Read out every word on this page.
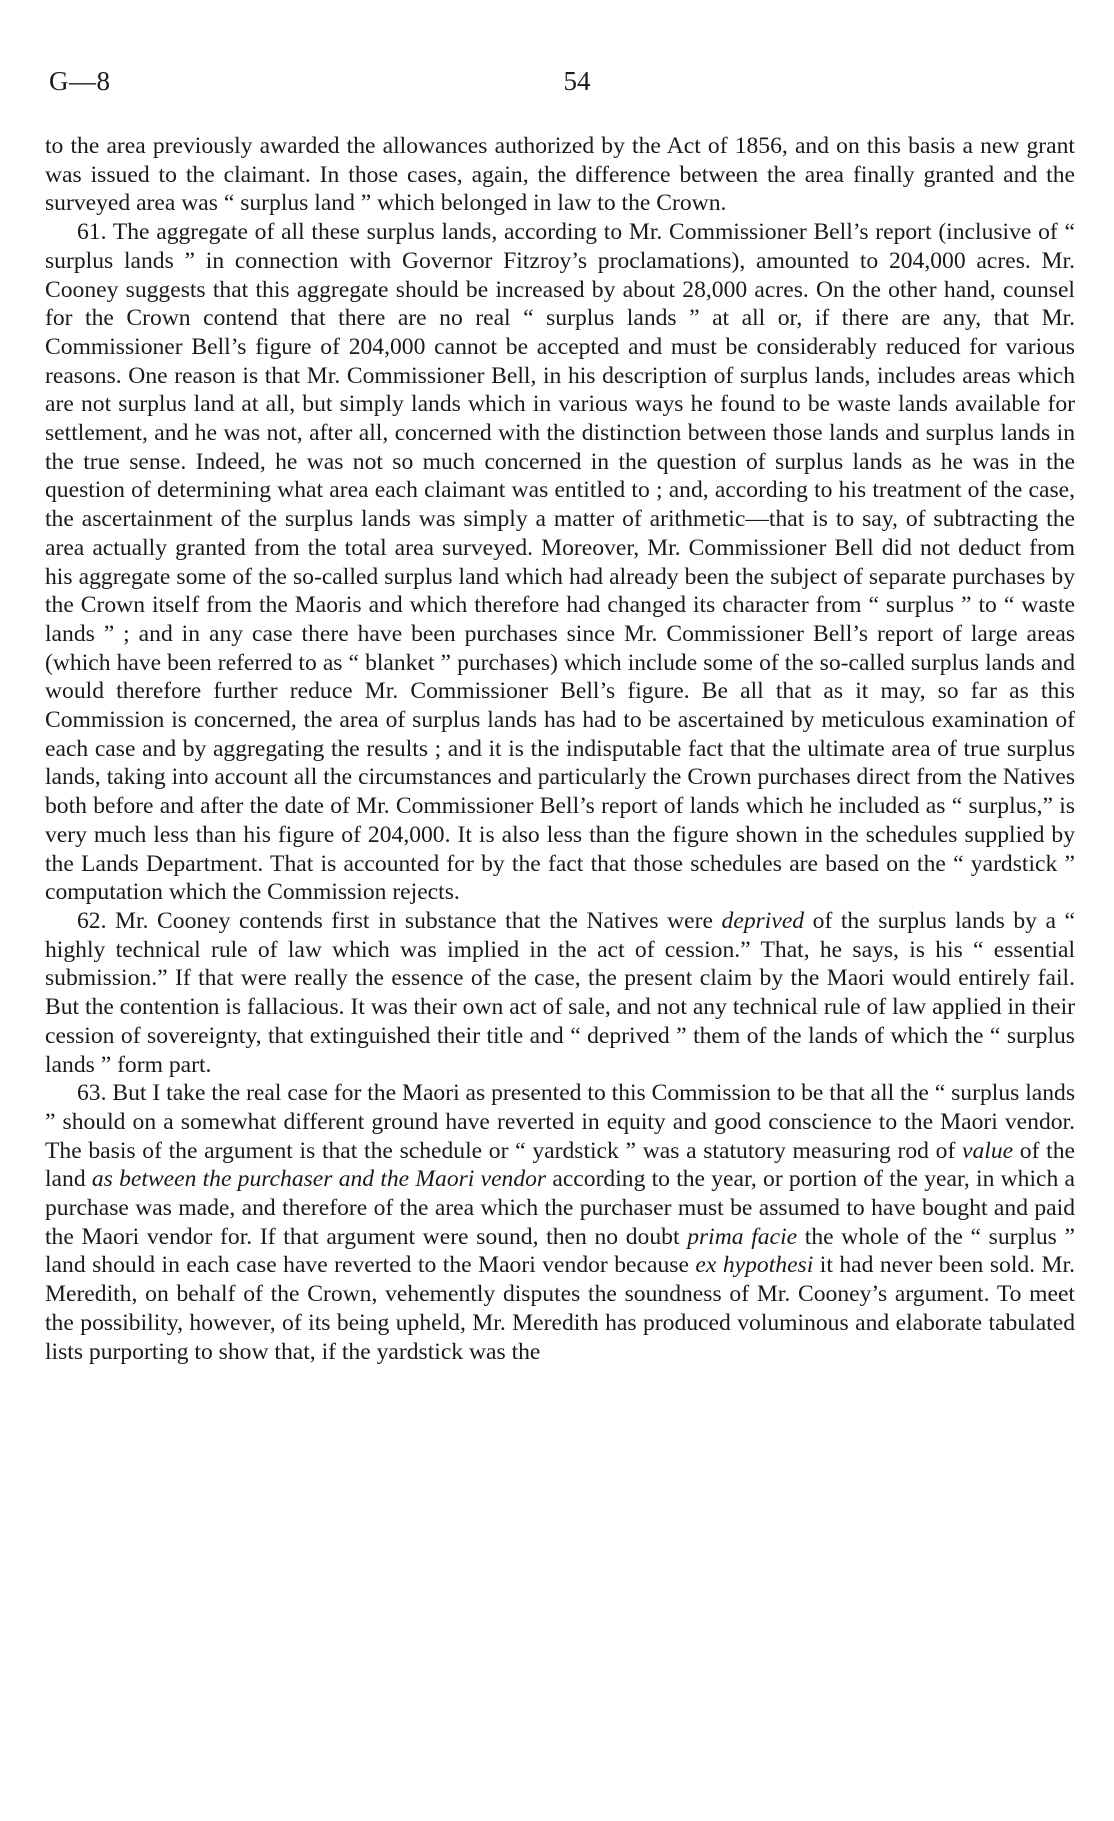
G—8	54

to the area previously awarded the allowances authorized by the Act of 1856, and on this basis a new grant was issued to the claimant. In those cases, again, the difference between the area finally granted and the surveyed area was “ surplus land ” which belonged in law to the Crown.

61. The aggregate of all these surplus lands, according to Mr. Commissioner Bell’s report (inclusive of “ surplus lands ” in connection with Governor Fitzroy’s proclamations), amounted to 204,000 acres. Mr. Cooney suggests that this aggregate should be increased by about 28,000 acres. On the other hand, counsel for the Crown contend that there are no real “ surplus lands ” at all or, if there are any, that Mr. Commissioner Bell’s figure of 204,000 cannot be accepted and must be considerably reduced for various reasons. One reason is that Mr. Commissioner Bell, in his description of surplus lands, includes areas which are not surplus land at all, but simply lands which in various ways he found to be waste lands available for settlement, and he was not, after all, concerned with the distinction between those lands and surplus lands in the true sense. Indeed, he was not so much concerned in the question of surplus lands as he was in the question of determining what area each claimant was entitled to ; and, according to his treatment of the case, the ascertainment of the surplus lands was simply a matter of arithmetic—that is to say, of subtracting the area actually granted from the total area surveyed. Moreover, Mr. Commissioner Bell did not deduct from his aggregate some of the so-called surplus land which had already been the subject of separate purchases by the Crown itself from the Maoris and which therefore had changed its character from “ surplus ” to “ waste lands ” ; and in any case there have been purchases since Mr. Commissioner Bell’s report of large areas (which have been referred to as “ blanket ” purchases) which include some of the so-called surplus lands and would therefore further reduce Mr. Commissioner Bell’s figure. Be all that as it may, so far as this Commission is concerned, the area of surplus lands has had to be ascertained by meticulous examination of each case and by aggregating the results ; and it is the indisputable fact that the ultimate area of true surplus lands, taking into account all the circumstances and particularly the Crown purchases direct from the Natives both before and after the date of Mr. Commissioner Bell’s report of lands which he included as “ surplus,” is very much less than his figure of 204,000. It is also less than the figure shown in the schedules supplied by the Lands Department. That is accounted for by the fact that those schedules are based on the “ yardstick ” computation which the Commission rejects.

62. Mr. Cooney contends first in substance that the Natives were deprived of the surplus lands by a “ highly technical rule of law which was implied in the act of cession.” That, he says, is his “ essential submission.” If that were really the essence of the case, the present claim by the Maori would entirely fail. But the contention is fallacious. It was their own act of sale, and not any technical rule of law applied in their cession of sovereignty, that extinguished their title and “ deprived ” them of the lands of which the “ surplus lands ” form part.

63. But I take the real case for the Maori as presented to this Commission to be that all the “ surplus lands ” should on a somewhat different ground have reverted in equity and good conscience to the Maori vendor. The basis of the argument is that the schedule or “ yardstick ” was a statutory measuring rod of value of the land as between the purchaser and the Maori vendor according to the year, or portion of the year, in which a purchase was made, and therefore of the area which the purchaser must be assumed to have bought and paid the Maori vendor for. If that argument were sound, then no doubt prima facie the whole of the “ surplus ” land should in each case have reverted to the Maori vendor because ex hypothesi it had never been sold. Mr. Meredith, on behalf of the Crown, vehemently disputes the soundness of Mr. Cooney’s argument. To meet the possibility, however, of its being upheld, Mr. Meredith has produced voluminous and elaborate tabulated lists purporting to show that, if the yardstick was the
